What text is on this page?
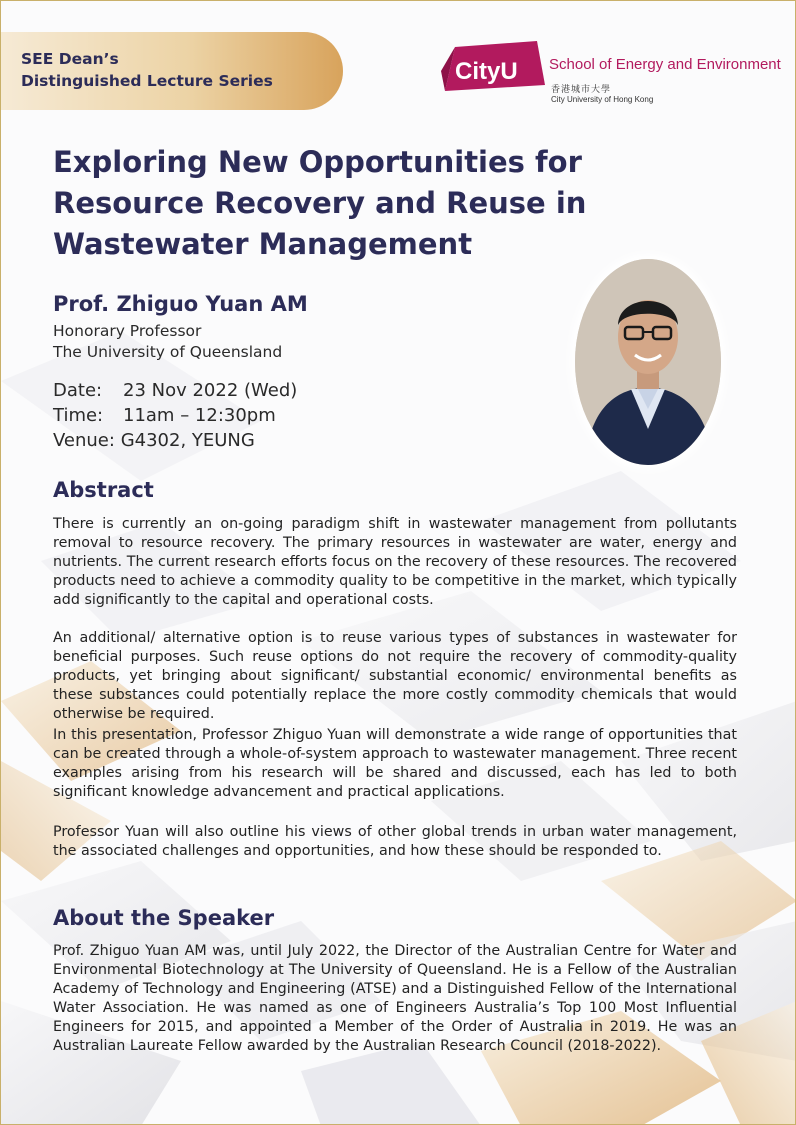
SEE Dean’s
Distinguished Lecture Series	CityU School of Energy and Environment
香港城市大學
City University of Hong Kong
Exploring New Opportunities for
Resource Recovery and Reuse in
Wastewater Management
Prof. Zhiguo Yuan AM
Honorary Professor
The University of Queensland
Date: 23 Nov 2022 (Wed)
Time: 11am – 12:30pm
Venue: G4302, YEUNG
Abstract

There is currently an on-going paradigm shift in wastewater management from pollutants removal to resource recovery. The primary resources in wastewater are water, energy and nutrients. The current research efforts focus on the recovery of these resources. The recovered products need to achieve a commodity quality to be competitive in the market, which typically add significantly to the capital and operational costs.

An additional/ alternative option is to reuse various types of substances in wastewater for beneficial purposes. Such reuse options do not require the recovery of commodity-quality products, yet bringing about significant/ substantial economic/ environmental benefits as these substances could potentially replace the more costly commodity chemicals that would otherwise be required.

In this presentation, Professor Zhiguo Yuan will demonstrate a wide range of opportunities that can be created through a whole-of-system approach to wastewater management. Three recent examples arising from his research will be shared and discussed, each has led to both significant knowledge advancement and practical applications.

Professor Yuan will also outline his views of other global trends in urban water management, the associated challenges and opportunities, and how these should be responded to.

About the Speaker

Prof. Zhiguo Yuan AM was, until July 2022, the Director of the Australian Centre for Water and Environmental Biotechnology at The University of Queensland. He is a Fellow of the Australian Academy of Technology and Engineering (ATSE) and a Distinguished Fellow of the International Water Association. He was named as one of Engineers Australia’s Top 100 Most Influential Engineers for 2015, and appointed a Member of the Order of Australia in 2019. He was an Australian Laureate Fellow awarded by the Australian Research Council (2018-2022).
